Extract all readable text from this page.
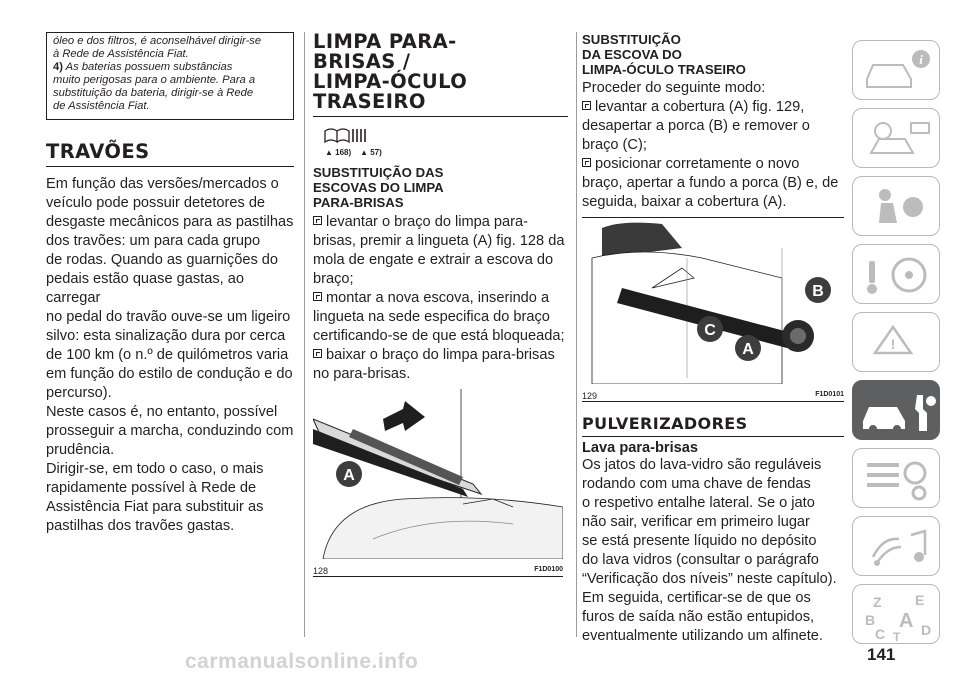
óleo e dos filtros, é aconselhável dirigir-se
à Rede de Assistência Fiat.
4) As baterias possuem substâncias
muito perigosas para o ambiente. Para a
substituição da bateria, dirigir-se à Rede
de Assistência Fiat.
TRAVÕES
Em função das versões/mercados o
veículo pode possuir detetores de
desgaste mecânicos para as pastilhas
dos travões: um para cada grupo
de rodas. Quando as guarnições do
pedais estão quase gastas, ao carregar
no pedal do travão ouve-se um ligeiro
silvo: esta sinalização dura por cerca
de 100 km (o n.º de quilómetros varia
em função do estilo de condução e do
percurso).
Neste casos é, no entanto, possível
prosseguir a marcha, conduzindo com
prudência.
Dirigir-se, em todo o caso, o mais
rapidamente possível à Rede de
Assistência Fiat para substituir as
pastilhas dos travões gastas.
LIMPA PARA-
BRISAS /
LIMPA-ÓCULO
TRASEIRO
▲ 168) ▲ 57)
SUBSTITUIÇÃO DAS
ESCOVAS DO LIMPA
PARA-BRISAS
levantar o braço do limpa para-
brisas, premir a lingueta (A) fig. 128 da
mola de engate e extrair a escova do
braço;
montar a nova escova, inserindo a
lingueta na sede especifica do braço
certificando-se de que está bloqueada;
baixar o braço do limpa para-brisas
no para-brisas.
A
128	F1D0100
SUBSTITUIÇÃO
DA ESCOVA DO
LIMPA-ÓCULO TRASEIRO
Proceder do seguinte modo:
levantar a cobertura (A) fig. 129,
desapertar a porca (B) e remover o
braço (C);
posicionar corretamente o novo
braço, apertar a fundo a porca (B) e, de
seguida, baixar a cobertura (A).
B
C
A
129	F1D0101
PULVERIZADORES
Lava para-brisas
Os jatos do lava-vidro são reguláveis
rodando com uma chave de fendas
o respetivo entalhe lateral. Se o jato
não sair, verificar em primeiro lugar
se está presente líquido no depósito
do lava vidros (consultar o parágrafo
“Verificação dos níveis” neste capítulo).
Em seguida, certificar-se de que os
furos de saída não estão entupidos,
eventualmente utilizando um alfinete.
i
!
Z E
B A
C T D
141
carmanualsonline.info
